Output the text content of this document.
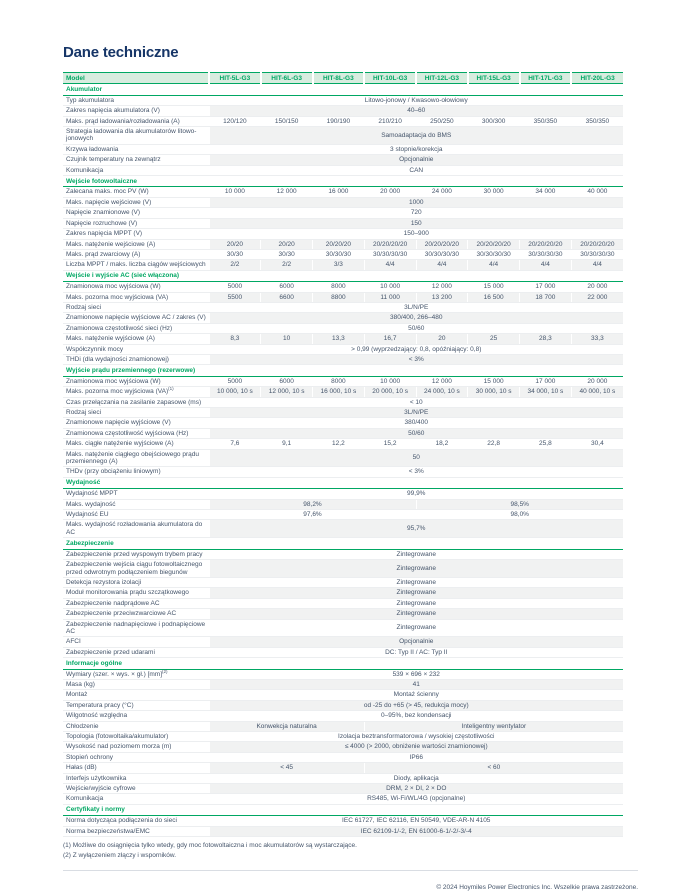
Dane techniczne
Model	HIT-5L-G3	HIT-6L-G3	HIT-8L-G3	HIT-10L-G3	HIT-12L-G3	HIT-15L-G3	HIT-17L-G3	HIT-20L-G3
Akumulator								
Typ akumulatora	Litowo-jonowy / Kwasowo-ołowiowy							
Zakres napięcia akumulatora (V)	40–60							
Maks. prąd ładowania/rozładowania (A)	120/120	150/150	190/190	210/210	250/250	300/300	350/350	350/350
Strategia ładowania dla akumulatorów litowo-jonowych	Samoadaptacja do BMS							
Krzywa ładowania	3 stopnie/korekcja							
Czujnik temperatury na zewnątrz	Opcjonalnie							
Komunikacja	CAN							
Wejście fotowoltaiczne								
Zalecana maks. moc PV (W)	10 000	12 000	16 000	20 000	24 000	30 000	34 000	40 000
Maks. napięcie wejściowe (V)	1000							
Napięcie znamionowe (V)	720							
Napięcie rozruchowe (V)	150							
Zakres napięcia MPPT (V)	150–900							
Maks. natężenie wejściowe (A)	20/20	20/20	20/20/20	20/20/20/20	20/20/20/20	20/20/20/20	20/20/20/20	20/20/20/20
Maks. prąd zwarciowy (A)	30/30	30/30	30/30/30	30/30/30/30	30/30/30/30	30/30/30/30	30/30/30/30	30/30/30/30
Liczba MPPT / maks. liczba ciągów wejściowych	2/2	2/2	3/3	4/4	4/4	4/4	4/4	4/4
Wejście i wyjście AC (sieć włączona)								
Znamionowa moc wyjściowa (W)	5000	6000	8000	10 000	12 000	15 000	17 000	20 000
Maks. pozorna moc wyjściowa (VA)	5500	6600	8800	11 000	13 200	16 500	18 700	22 000
Rodzaj sieci	3L/N/PE							
Znamionowe napięcie wyjściowe AC / zakres (V)	380/400, 266–480							
Znamionowa częstotliwość sieci (Hz)	50/60							
Maks. natężenie wyjściowe (A)	8,3	10	13,3	16,7	20	25	28,3	33,3
Współczynnik mocy	> 0,99 (wyprzedzający: 0,8, opóźniający: 0,8)							
THDi (dla wydajności znamionowej)	< 3%							
Wyjście prądu przemiennego (rezerwowe)								
Znamionowa moc wyjściowa (W)	5000	6000	8000	10 000	12 000	15 000	17 000	20 000
Maks. pozorna moc wyjściowa (VA)$^{(1)}$	10 000, 10 s	12 000, 10 s	16 000, 10 s	20 000, 10 s	24 000, 10 s	30 000, 10 s	34 000, 10 s	40 000, 10 s
Czas przełączania na zasilanie zapasowe (ms)	< 10							
Rodzaj sieci	3L/N/PE							
Znamionowe napięcie wyjściowe (V)	380/400							
Znamionowa częstotliwość wyjściowa (Hz)	50/60							
Maks. ciągłe natężenie wyjściowe (A)	7,6	9,1	12,2	15,2	18,2	22,8	25,8	30,4
Maks. natężenie ciągłego obejściowego prądu przemiennego (A)	50							
THDv (przy obciążeniu liniowym)	< 3%							
Wydajność								
Wydajność MPPT	99,9%							
Maks. wydajność	98,2%				98,5%			
Wydajność EU	97,6%				98,0%			
Maks. wydajność rozładowania akumulatora do AC	95,7%							
Zabezpieczenie								
Zabezpieczenie przed wyspowym trybem pracy	Zintegrowane							
Zabezpieczenie wejścia ciągu fotowoltaicznego przed odwrotnym podłączeniem biegunów	Zintegrowane							
Detekcja rezystora izolacji	Zintegrowane							
Moduł monitorowania prądu szczątkowego	Zintegrowane							
Zabezpieczenie nadprądowe AC	Zintegrowane							
Zabezpieczenie przeciwzwarciowe AC	Zintegrowane							
Zabezpieczenie nadnapięciowe i podnapięciowe AC	Zintegrowane							
AFCI	Opcjonalnie							
Zabezpieczenie przed udarami	DC: Typ II / AC: Typ II							
Informacje ogólne								
Wymiary (szer. × wys. × gł.) [mm]$^{(2)}$	539 × 696 × 232							
Masa (kg)	41							
Montaż	Montaż ścienny							
Temperatura pracy (°C)	od -25 do +65 (> 45, redukcja mocy)							
Wilgotność względna	0–95%, bez kondensacji							
Chłodzenie	Konwekcja naturalna			Inteligentny wentylator				
Topologia (fotowoltaika/akumulator)	Izolacja beztransformatorowa / wysokiej częstotliwości							
Wysokość nad poziomem morza (m)	≤ 4000 (> 2000, obniżenie wartości znamionowej)							
Stopień ochrony	IP66							
Hałas (dB)	< 45			< 60				
Interfejs użytkownika	Diody, aplikacja							
Wejście/wyjście cyfrowe	DRM, 2 × DI, 2 × DO							
Komunikacja	RS485, Wi-Fi/WL/4G (opcjonalne)							
Certyfikaty i normy								
Norma dotycząca podłączenia do sieci	IEC 61727, IEC 62116, EN 50549, VDE-AR-N 4105							
Norma bezpieczeństwa/EMC	IEC 62109-1/-2, EN 61000-6-1/-2/-3/-4							
(1) Możliwe do osiągnięcia tylko wtedy, gdy moc fotowoltaiczna i moc akumulatorów są wystarczające.
(2) Z wyłączeniem złączy i wsporników.
© 2024 Hoymiles Power Electronics Inc. Wszelkie prawa zastrzeżone.
